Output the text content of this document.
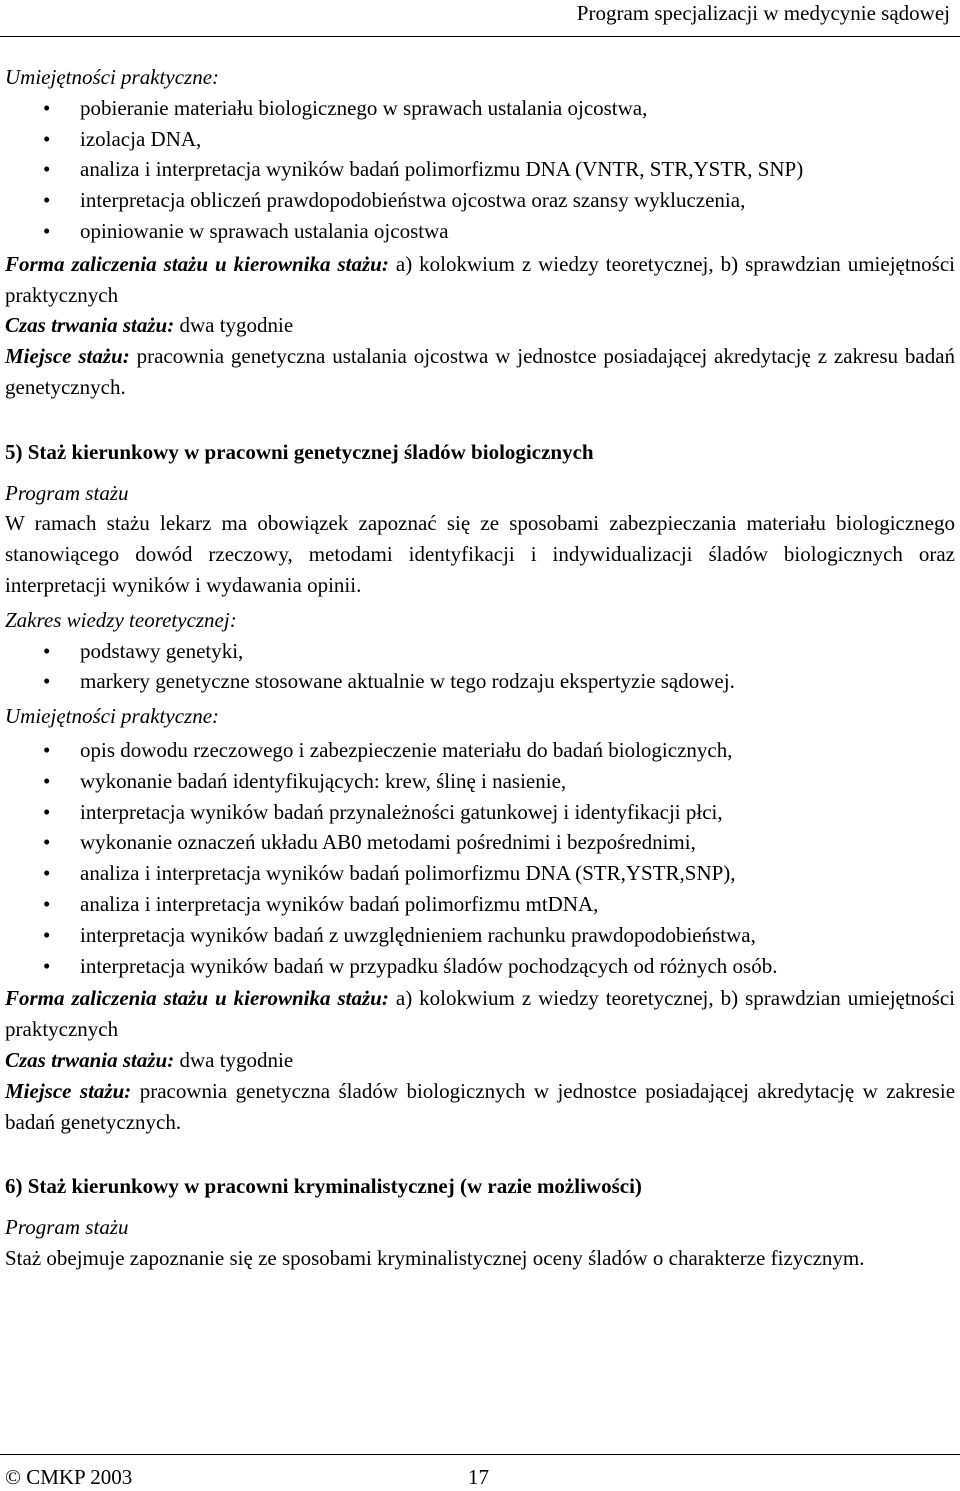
Program specjalizacji w medycynie sądowej

Umiejętności praktyczne:

• pobieranie materiału biologicznego w sprawach ustalania ojcostwa,
• izolacja DNA,
• analiza i interpretacja wyników badań polimorfizmu DNA (VNTR, STR,YSTR, SNP)
• interpretacja obliczeń prawdopodobieństwa ojcostwa oraz szansy wykluczenia,
• opiniowanie w sprawach ustalania ojcostwa

Forma zaliczenia stażu u kierownika stażu: a) kolokwium z wiedzy teoretycznej, b) sprawdzian umiejętności praktycznych

Czas trwania stażu: dwa tygodnie

Miejsce stażu: pracownia genetyczna ustalania ojcostwa w jednostce posiadającej akredytację z zakresu badań genetycznych.

5) Staż kierunkowy w pracowni genetycznej śladów biologicznych

Program stażu

W ramach stażu lekarz ma obowiązek zapoznać się ze sposobami zabezpieczania materiału biologicznego stanowiącego dowód rzeczowy, metodami identyfikacji i indywidualizacji śladów biologicznych oraz interpretacji wyników i wydawania opinii.

Zakres wiedzy teoretycznej:

• podstawy genetyki,
• markery genetyczne stosowane aktualnie w tego rodzaju ekspertyzie sądowej.

Umiejętności praktyczne:

• opis dowodu rzeczowego i zabezpieczenie materiału do badań biologicznych,
• wykonanie badań identyfikujących: krew, ślinę i nasienie,
• interpretacja wyników badań przynależności gatunkowej i identyfikacji płci,
• wykonanie oznaczeń układu AB0 metodami pośrednimi i bezpośrednimi,
• analiza i interpretacja wyników badań polimorfizmu DNA (STR,YSTR,SNP),
• analiza i interpretacja wyników badań polimorfizmu mtDNA,
• interpretacja wyników badań z uwzględnieniem rachunku prawdopodobieństwa,
• interpretacja wyników badań w przypadku śladów pochodzących od różnych osób.

Forma zaliczenia stażu u kierownika stażu: a) kolokwium z wiedzy teoretycznej, b) sprawdzian umiejętności praktycznych

Czas trwania stażu: dwa tygodnie

Miejsce stażu: pracownia genetyczna śladów biologicznych w jednostce posiadającej akredytację w zakresie badań genetycznych.

6) Staż kierunkowy w pracowni kryminalistycznej (w razie możliwości)

Program stażu

Staż obejmuje zapoznanie się ze sposobami kryminalistycznej oceny śladów o charakterze fizycznym.

© CMKP 2003	17
